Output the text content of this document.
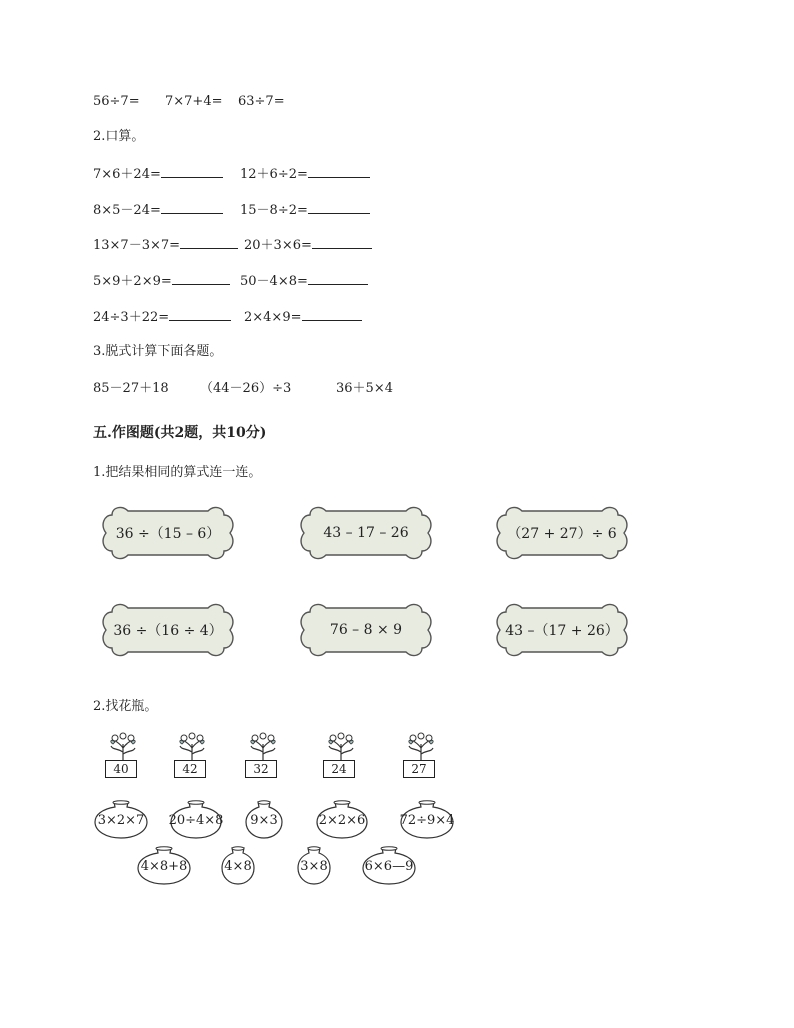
56÷7= 7×7+4= 63÷7=
2.口算。
7×6＋24=	12＋6÷2=
8×5－24=	15－8÷2=
13×7－3×7=	20＋3×6=
5×9＋2×9=	50－4×8=
24÷3＋22=	2×4×9=
3.脱式计算下面各题。
85－27＋18 （44－26）÷3	36＋5×4
五.作图题(共2题，共10分)
1.把结果相同的算式连一连。
36 ÷（15 – 6）	43 – 17 – 26	（27 + 27）÷ 6
36 ÷（16 ÷ 4）	76 – 8 × 9	43 –（17 + 26）
2.找花瓶。
40	42	32	24	27
3×2×7	20÷4×8	9×3	2×2×6	72÷9×4
4×8+8	4×8	3×8	6×6—9
